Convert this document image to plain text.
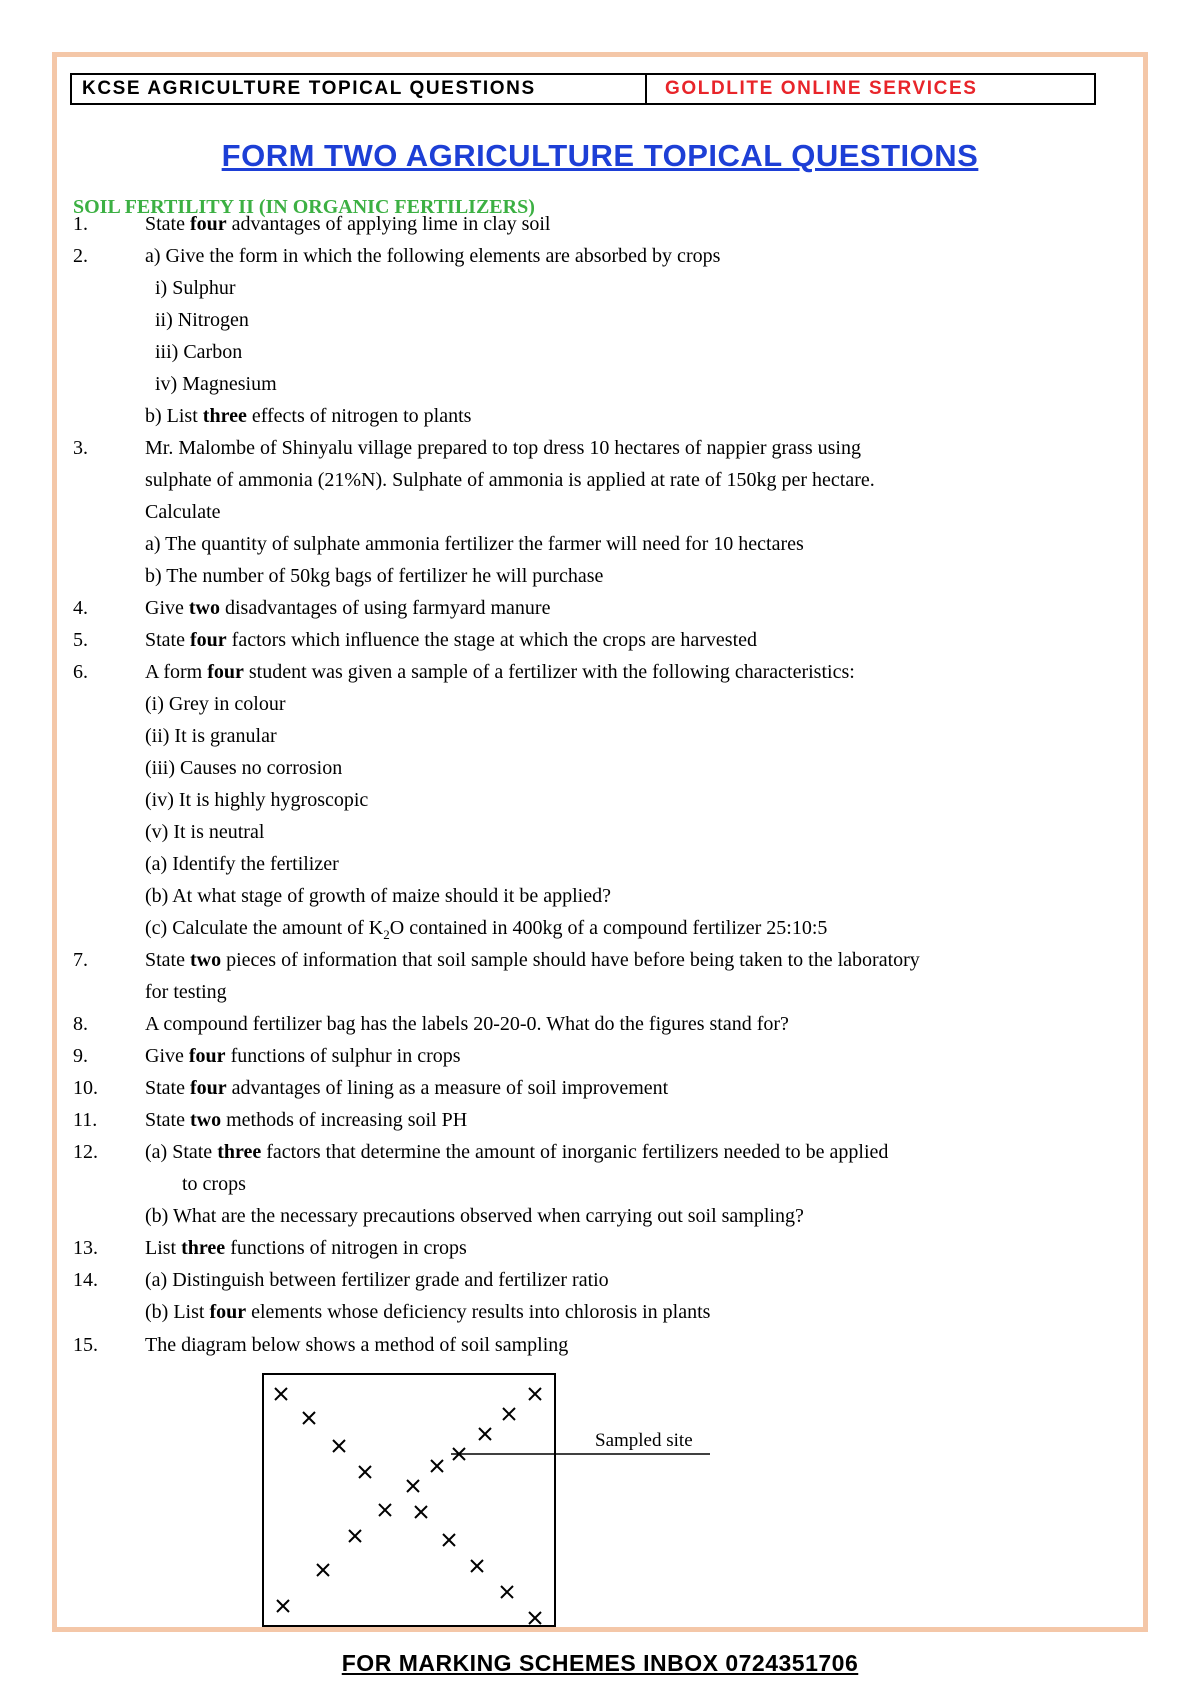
KCSE AGRICULTURE TOPICAL QUESTIONS	GOLDLITE ONLINE SERVICES
FORM TWO AGRICULTURE TOPICAL QUESTIONS
SOIL FERTILITY II (IN ORGANIC FERTILIZERS)
1.	State four advantages of applying lime in clay soil
2.	a) Give the form in which the following elements are absorbed by crops
i) Sulphur
ii) Nitrogen
iii) Carbon
iv) Magnesium
b) List three effects of nitrogen to plants
3.	Mr. Malombe of Shinyalu village prepared to top dress 10 hectares of nappier grass using
sulphate of ammonia (21%N). Sulphate of ammonia is applied at rate of 150kg per hectare.
Calculate
a) The quantity of sulphate ammonia fertilizer the farmer will need for 10 hectares
b) The number of 50kg bags of fertilizer he will purchase
4.	Give two disadvantages of using farmyard manure
5.	State four factors which influence the stage at which the crops are harvested
6.	A form four student was given a sample of a fertilizer with the following characteristics:
(i) Grey in colour
(ii) It is granular
(iii) Causes no corrosion
(iv) It is highly hygroscopic
(v) It is neutral
(a) Identify the fertilizer
(b) At what stage of growth of maize should it be applied?
(c) Calculate the amount of $K_2O$ contained in 400kg of a compound fertilizer 25:10:5
7.	State two pieces of information that soil sample should have before being taken to the laboratory
for testing
8.	A compound fertilizer bag has the labels 20-20-0. What do the figures stand for?
9.	Give four functions of sulphur in crops
10. State four advantages of lining as a measure of soil improvement
11. State two methods of increasing soil PH
12. (a) State three factors that determine the amount of inorganic fertilizers needed to be applied
to crops
(b) What are the necessary precautions observed when carrying out soil sampling?
13. List three functions of nitrogen in crops
14. (a) Distinguish between fertilizer grade and fertilizer ratio
(b) List four elements whose deficiency results into chlorosis in plants
15. The diagram below shows a method of soil sampling
Sampled site
FOR MARKING SCHEMES INBOX 0724351706
